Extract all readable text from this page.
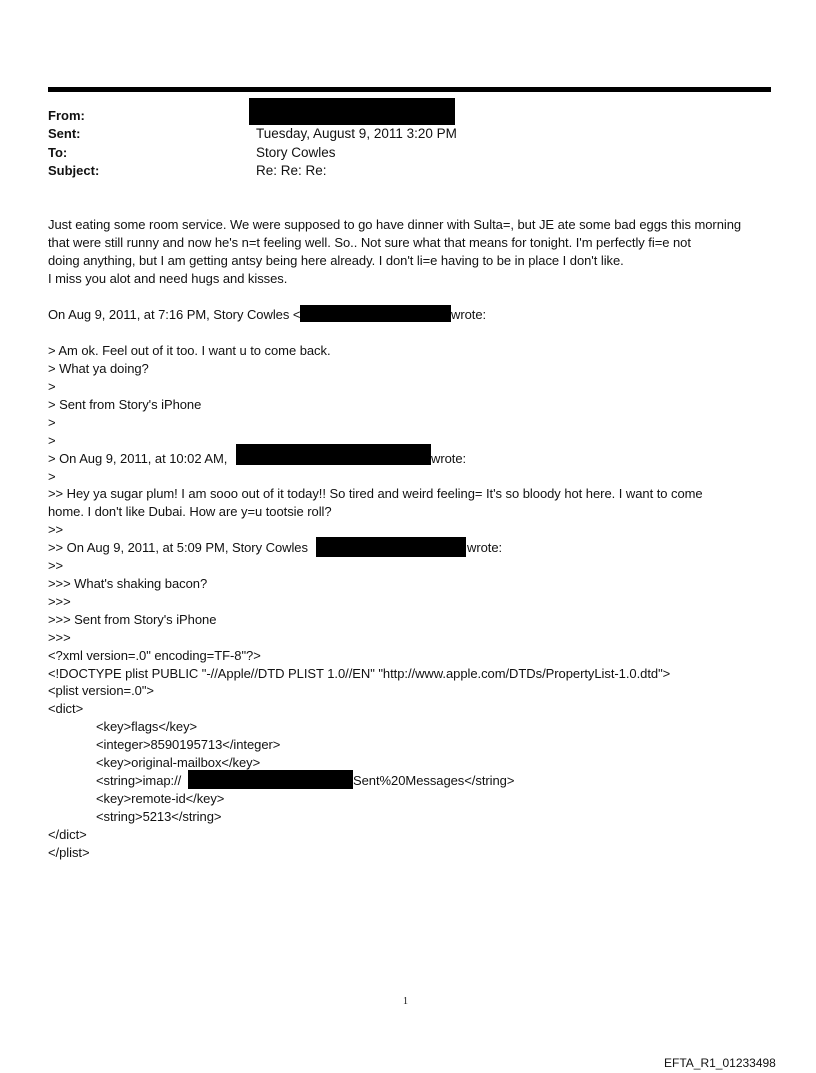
From:
Sent:	Tuesday, August 9, 2011 3:20 PM
To:	Story Cowles
Subject:	Re: Re: Re:
Just eating some room service. We were supposed to go have dinner with Sulta=, but JE ate some bad eggs this morning
that were still runny and now he's n=t feeling well. So.. Not sure what that means for tonight. I'm perfectly fi=e not
doing anything, but I am getting antsy being here already. I don't li=e having to be in place I don't like.
I miss you alot and need hugs and kisses.
On Aug 9, 2011, at 7:16 PM, Story Cowles <	wrote:
> Am ok. Feel out of it too. I want u to come back.
> What ya doing?
>
> Sent from Story's iPhone
>
>
> On Aug 9, 2011, at 10:02 AM,	wrote:
>
>> Hey ya sugar plum! I am sooo out of it today!! So tired and weird feeling= It's so bloody hot here. I want to come
home. I don't like Dubai. How are y=u tootsie roll?
>>
>> On Aug 9, 2011, at 5:09 PM, Story Cowles	wrote:
>>
>>> What's shaking bacon?
>>>
>>> Sent from Story's iPhone
>>>
<?xml version=.0" encoding=TF-8"?>
<!DOCTYPE plist PUBLIC "-//Apple//DTD PLIST 1.0//EN" "http://www.apple.com/DTDs/PropertyList-1.0.dtd">
<plist version=.0">
<dict>
<key>flags</key>
<integer>8590195713</integer>
<key>original-mailbox</key>
<string>imap://	Sent%20Messages</string>
<key>remote-id</key>
<string>5213</string>
</dict>
</plist>
1
EFTA_R1_01233498
